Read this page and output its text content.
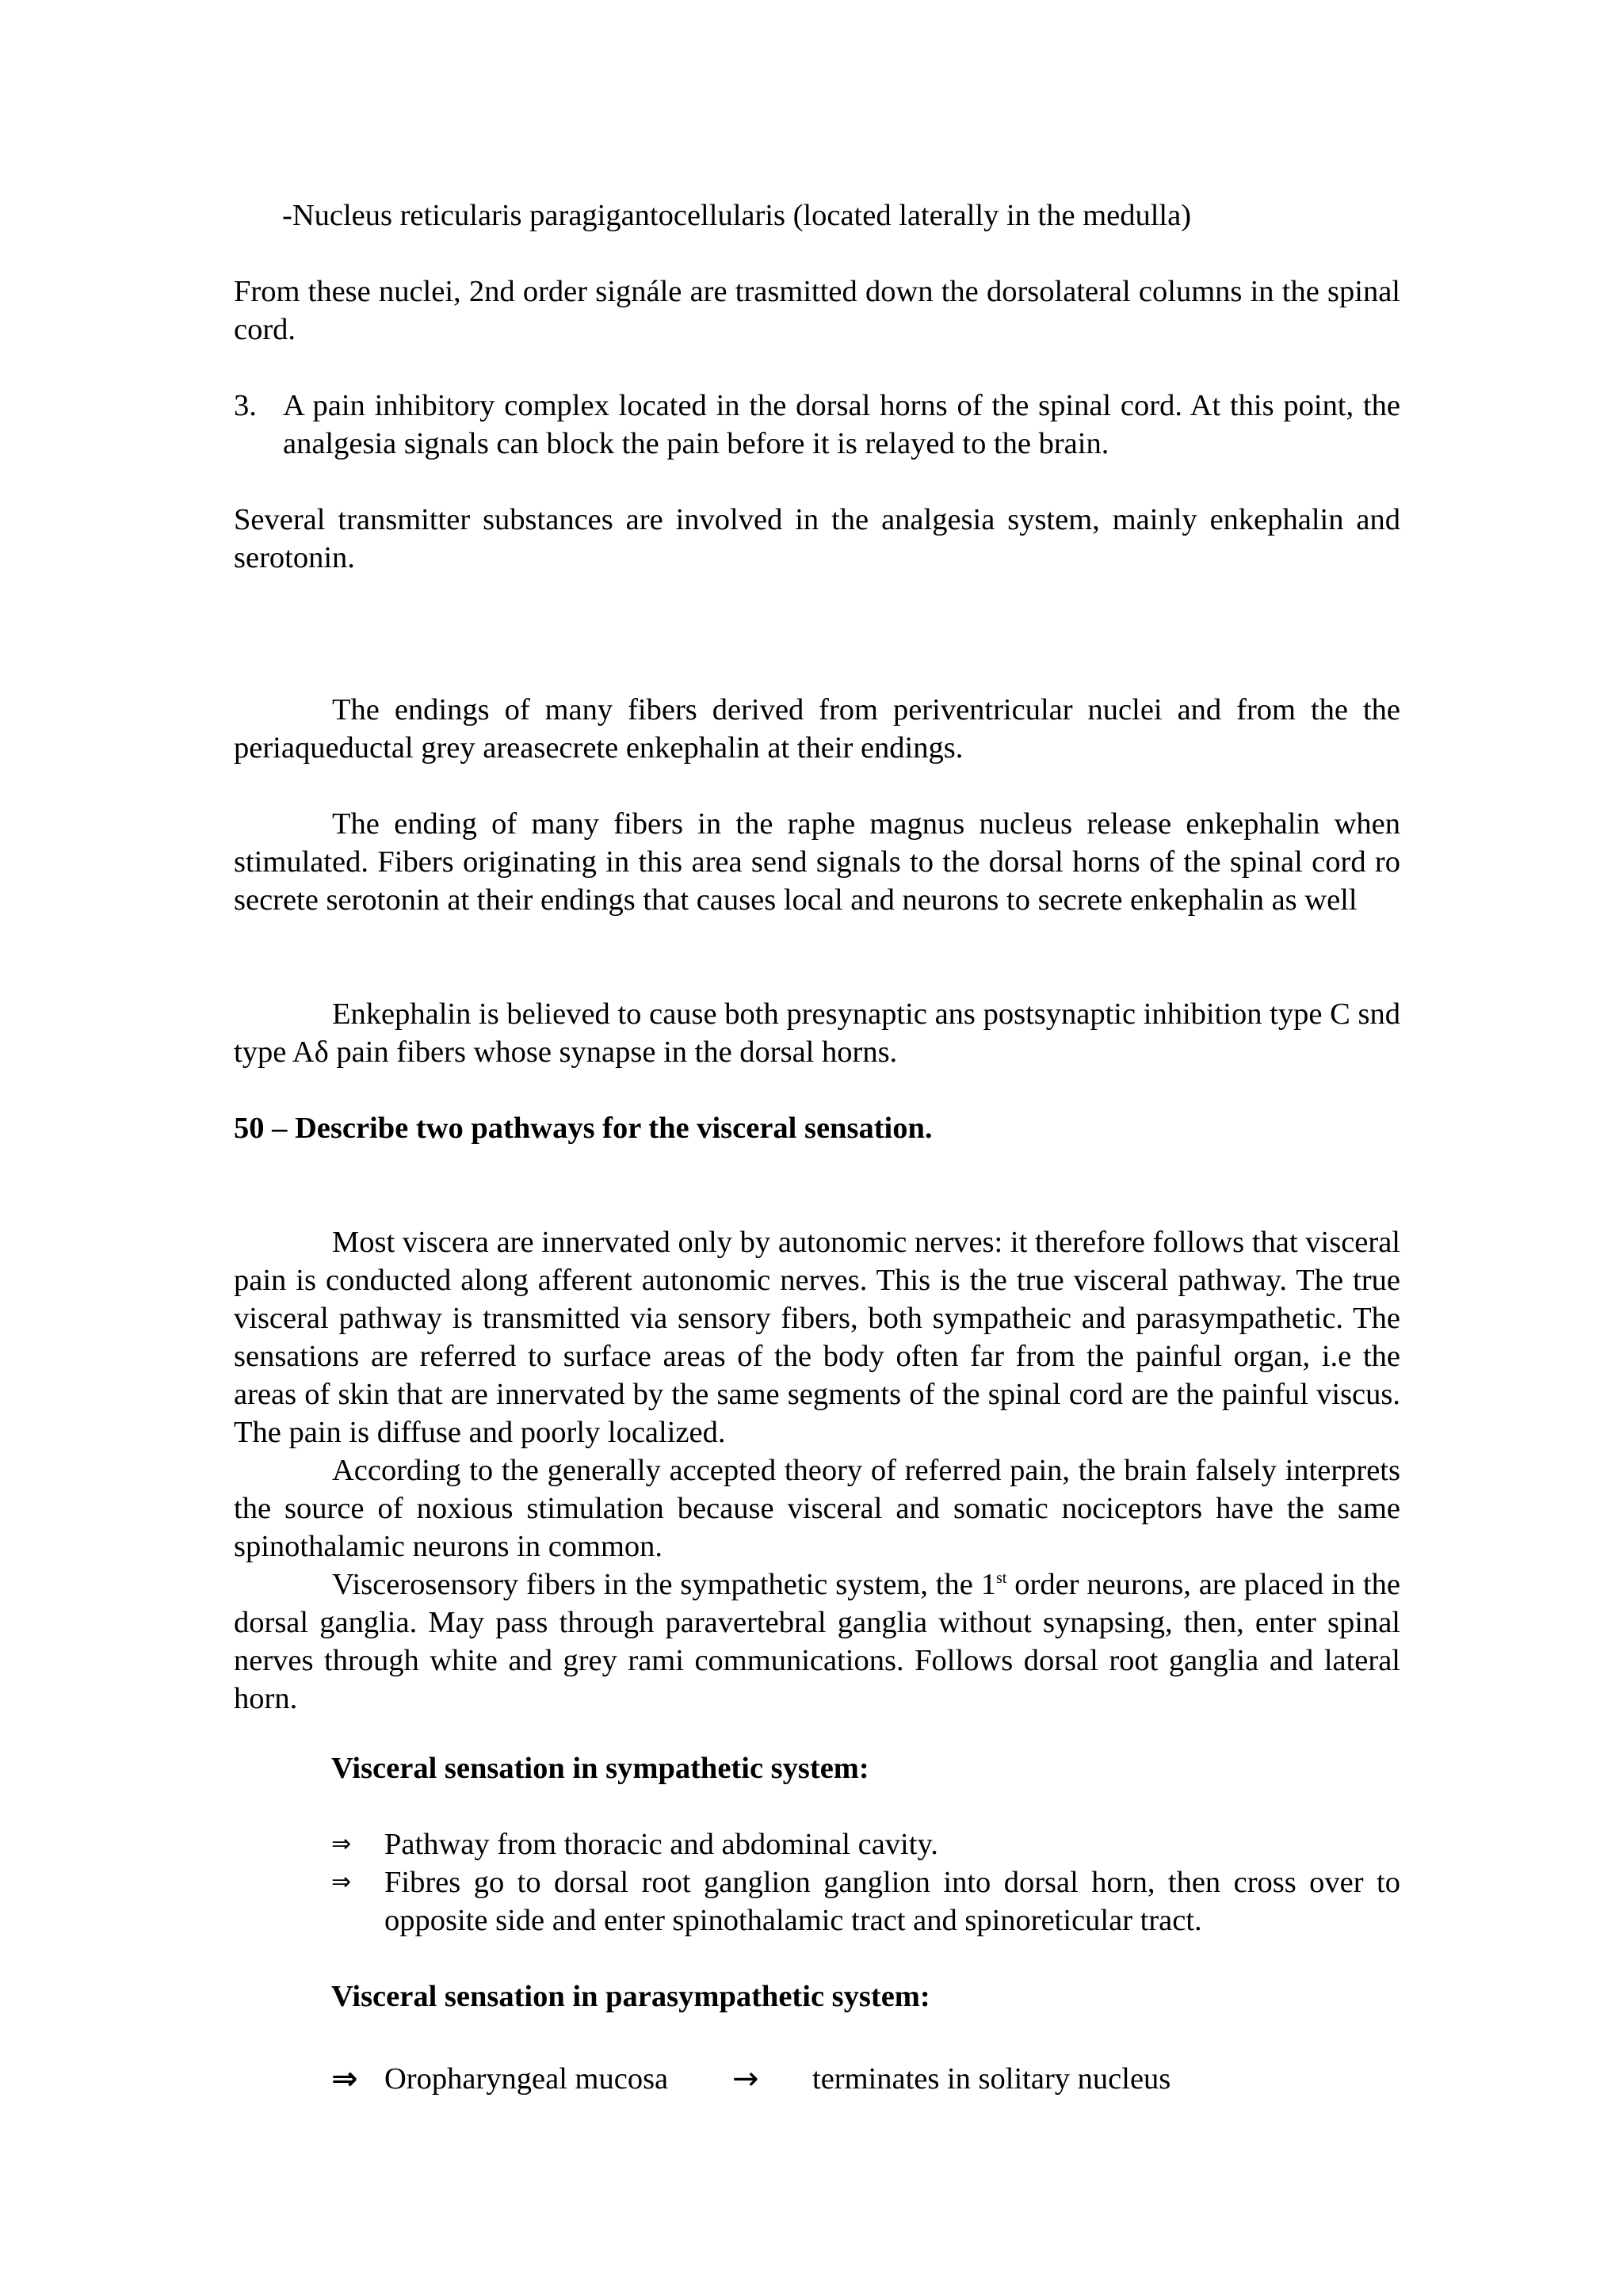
-Nucleus reticularis paragigantocellularis (located laterally in the medulla)

From these nuclei, 2nd order signále are trasmitted down the dorsolateral columns in the spinal cord.

3. A pain inhibitory complex located in the dorsal horns of the spinal cord. At this point, the analgesia signals can block the pain before it is relayed to the brain.

Several transmitter substances are involved in the analgesia system, mainly enkephalin and serotonin.

The endings of many fibers derived from periventricular nuclei and from the the periaqueductal grey areasecrete enkephalin at their endings.

The ending of many fibers in the raphe magnus nucleus release enkephalin when stimulated. Fibers originating in this area send signals to the dorsal horns of the spinal cord ro secrete serotonin at their endings that causes local and neurons to secrete enkephalin as well

Enkephalin is believed to cause both presynaptic ans postsynaptic inhibition type C snd type Aδ pain fibers whose synapse in the dorsal horns.

50 – Describe two pathways for the visceral sensation.

Most viscera are innervated only by autonomic nerves: it therefore follows that visceral pain is conducted along afferent autonomic nerves. This is the true visceral pathway. The true visceral pathway is transmitted via sensory fibers, both sympatheic and parasympathetic. The sensations are referred to surface areas of the body often far from the painful organ, i.e the areas of skin that are innervated by the same segments of the spinal cord are the painful viscus. The pain is diffuse and poorly localized.

According to the generally accepted theory of referred pain, the brain falsely interprets the source of noxious stimulation because visceral and somatic nociceptors have the same spinothalamic neurons in common.

Viscerosensory fibers in the sympathetic system, the 1st order neurons, are placed in the dorsal ganglia. May pass through paravertebral ganglia without synapsing, then, enter spinal nerves through white and grey rami communications. Follows dorsal root ganglia and lateral horn.

Visceral sensation in sympathetic system:

⇒ Pathway from thoracic and abdominal cavity.
⇒ Fibres go to dorsal root ganglion ganglion into dorsal horn, then cross over to opposite side and enter spinothalamic tract and spinoreticular tract.

Visceral sensation in parasympathetic system:

⇒ Oropharyngeal mucosa → terminates in solitary nucleus
